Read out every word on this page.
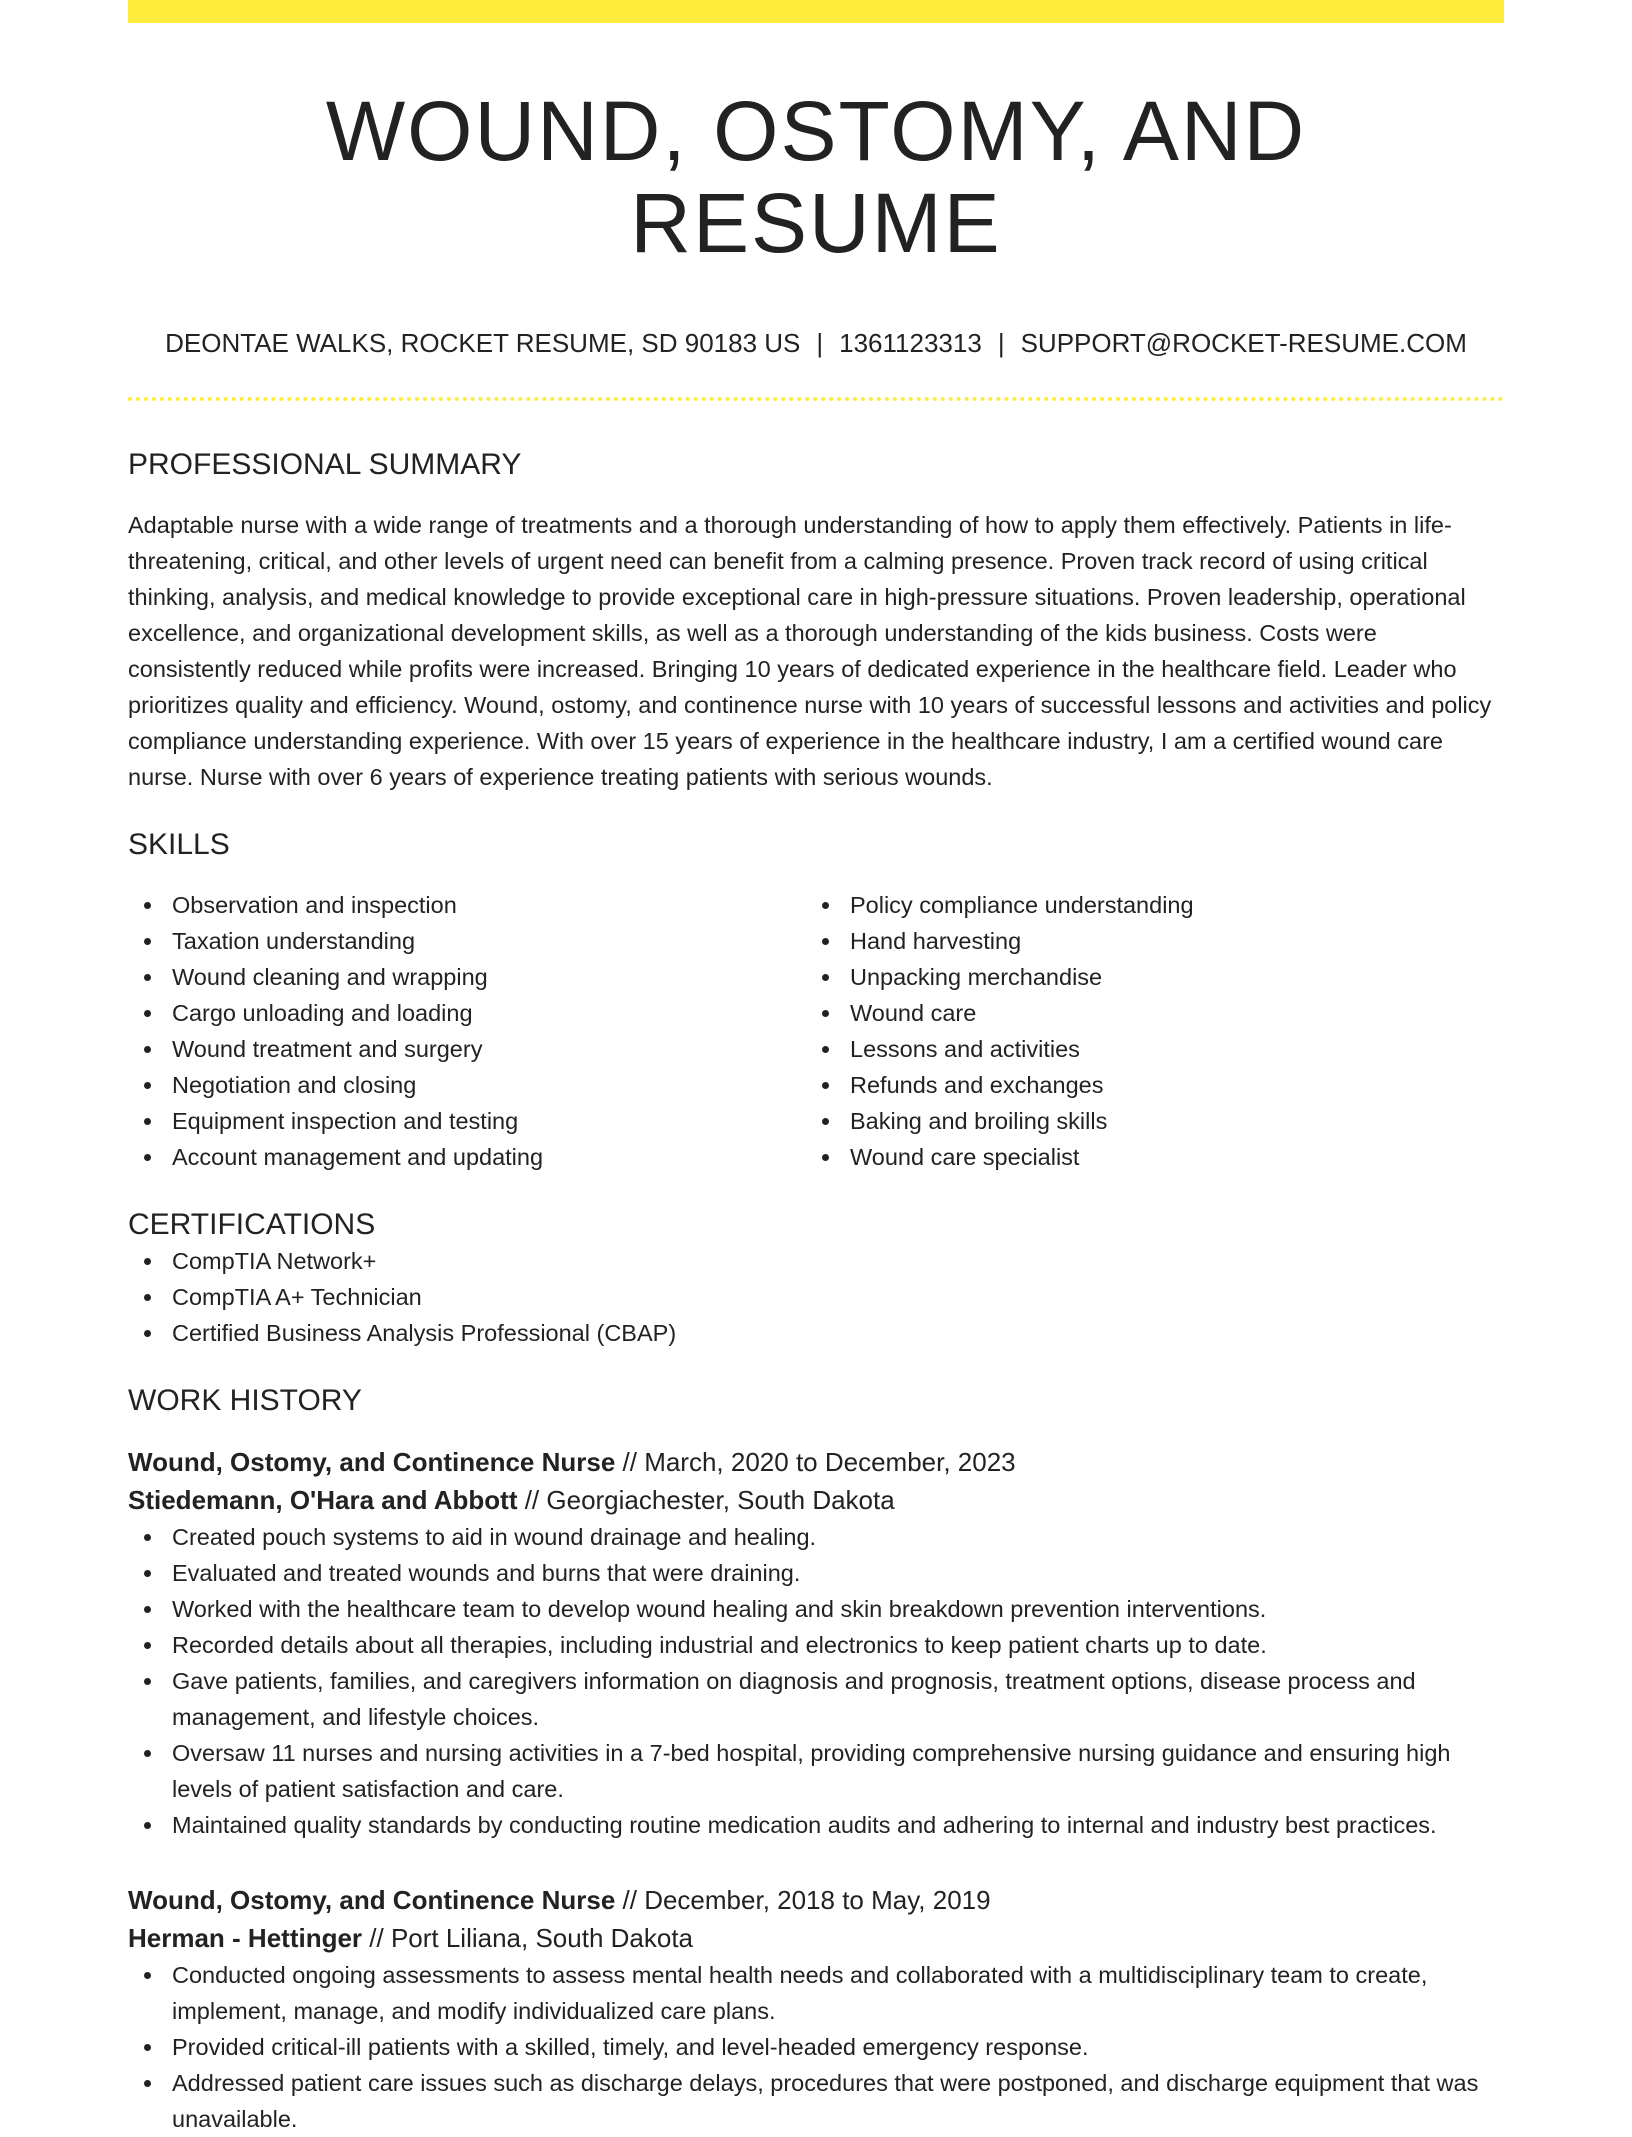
WOUND, OSTOMY, AND RESUME
DEONTAE WALKS, ROCKET RESUME, SD 90183 US | 1361123313 | SUPPORT@ROCKET-RESUME.COM
PROFESSIONAL SUMMARY

Adaptable nurse with a wide range of treatments and a thorough understanding of how to apply them effectively. Patients in life-threatening, critical, and other levels of urgent need can benefit from a calming presence. Proven track record of using critical thinking, analysis, and medical knowledge to provide exceptional care in high-pressure situations. Proven leadership, operational excellence, and organizational development skills, as well as a thorough understanding of the kids business. Costs were consistently reduced while profits were increased. Bringing 10 years of dedicated experience in the healthcare field. Leader who prioritizes quality and efficiency. Wound, ostomy, and continence nurse with 10 years of successful lessons and activities and policy compliance understanding experience. With over 15 years of experience in the healthcare industry, I am a certified wound care nurse. Nurse with over 6 years of experience treating patients with serious wounds.

SKILLS
Observation and inspection
Taxation understanding
Wound cleaning and wrapping
Cargo unloading and loading
Wound treatment and surgery
Negotiation and closing
Equipment inspection and testing
Account management and updating
Policy compliance understanding
Hand harvesting
Unpacking merchandise
Wound care
Lessons and activities
Refunds and exchanges
Baking and broiling skills
Wound care specialist
CERTIFICATIONS
CompTIA Network+
CompTIA A+ Technician
Certified Business Analysis Professional (CBAP)
WORK HISTORY
Wound, Ostomy, and Continence Nurse // March, 2020 to December, 2023
Stiedemann, O'Hara and Abbott // Georgiachester, South Dakota
Created pouch systems to aid in wound drainage and healing.
Evaluated and treated wounds and burns that were draining.
Worked with the healthcare team to develop wound healing and skin breakdown prevention interventions.
Recorded details about all therapies, including industrial and electronics to keep patient charts up to date.
Gave patients, families, and caregivers information on diagnosis and prognosis, treatment options, disease process and management, and lifestyle choices.
Oversaw 11 nurses and nursing activities in a 7-bed hospital, providing comprehensive nursing guidance and ensuring high levels of patient satisfaction and care.
Maintained quality standards by conducting routine medication audits and adhering to internal and industry best practices.
Wound, Ostomy, and Continence Nurse // December, 2018 to May, 2019
Herman - Hettinger // Port Liliana, South Dakota
Conducted ongoing assessments to assess mental health needs and collaborated with a multidisciplinary team to create, implement, manage, and modify individualized care plans.
Provided critical-ill patients with a skilled, timely, and level-headed emergency response.
Addressed patient care issues such as discharge delays, procedures that were postponed, and discharge equipment that was unavailable.
